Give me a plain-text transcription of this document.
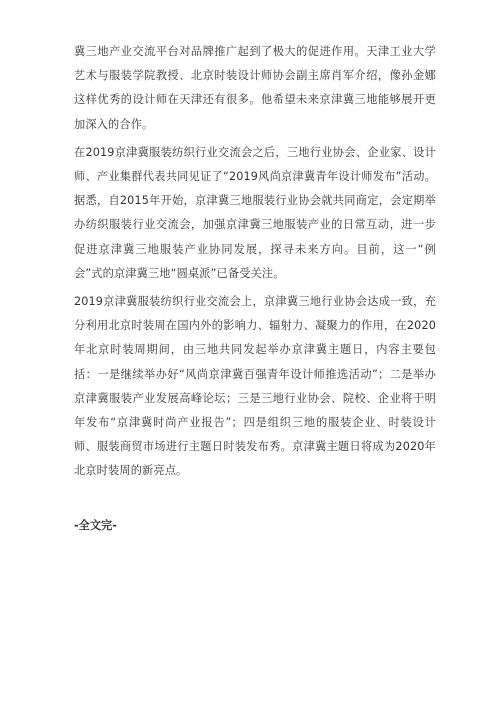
冀三地产业交流平台对品牌推广起到了极大的促进作用。天津工业大学艺术与服装学院教授、北京时装设计师协会副主席肖军介绍，像孙金娜这样优秀的设计师在天津还有很多。他希望未来京津冀三地能够展开更加深入的合作。

在2019京津冀服装纺织行业交流会之后，三地行业协会、企业家、设计师、产业集群代表共同见证了“2019风尚京津冀青年设计师发布”活动。据悉，自2015年开始，京津冀三地服装行业协会就共同商定，会定期举办纺织服装行业交流会，加强京津冀三地服装产业的日常互动，进一步促进京津冀三地服装产业协同发展，探寻未来方向。目前，这一“例会”式的京津冀三地“圆桌派”已备受关注。

2019京津冀服装纺织行业交流会上，京津冀三地行业协会达成一致，充分利用北京时装周在国内外的影响力、辐射力、凝聚力的作用，在2020年北京时装周期间，由三地共同发起举办京津冀主题日，内容主要包括：一是继续举办好“风尚京津冀百强青年设计师推选活动”；二是举办京津冀服装产业发展高峰论坛；三是三地行业协会、院校、企业将于明年发布“京津冀时尚产业报告”；四是组织三地的服装企业、时装设计师、服装商贸市场进行主题日时装发布秀。京津冀主题日将成为2020年北京时装周的新亮点。

-全文完-
